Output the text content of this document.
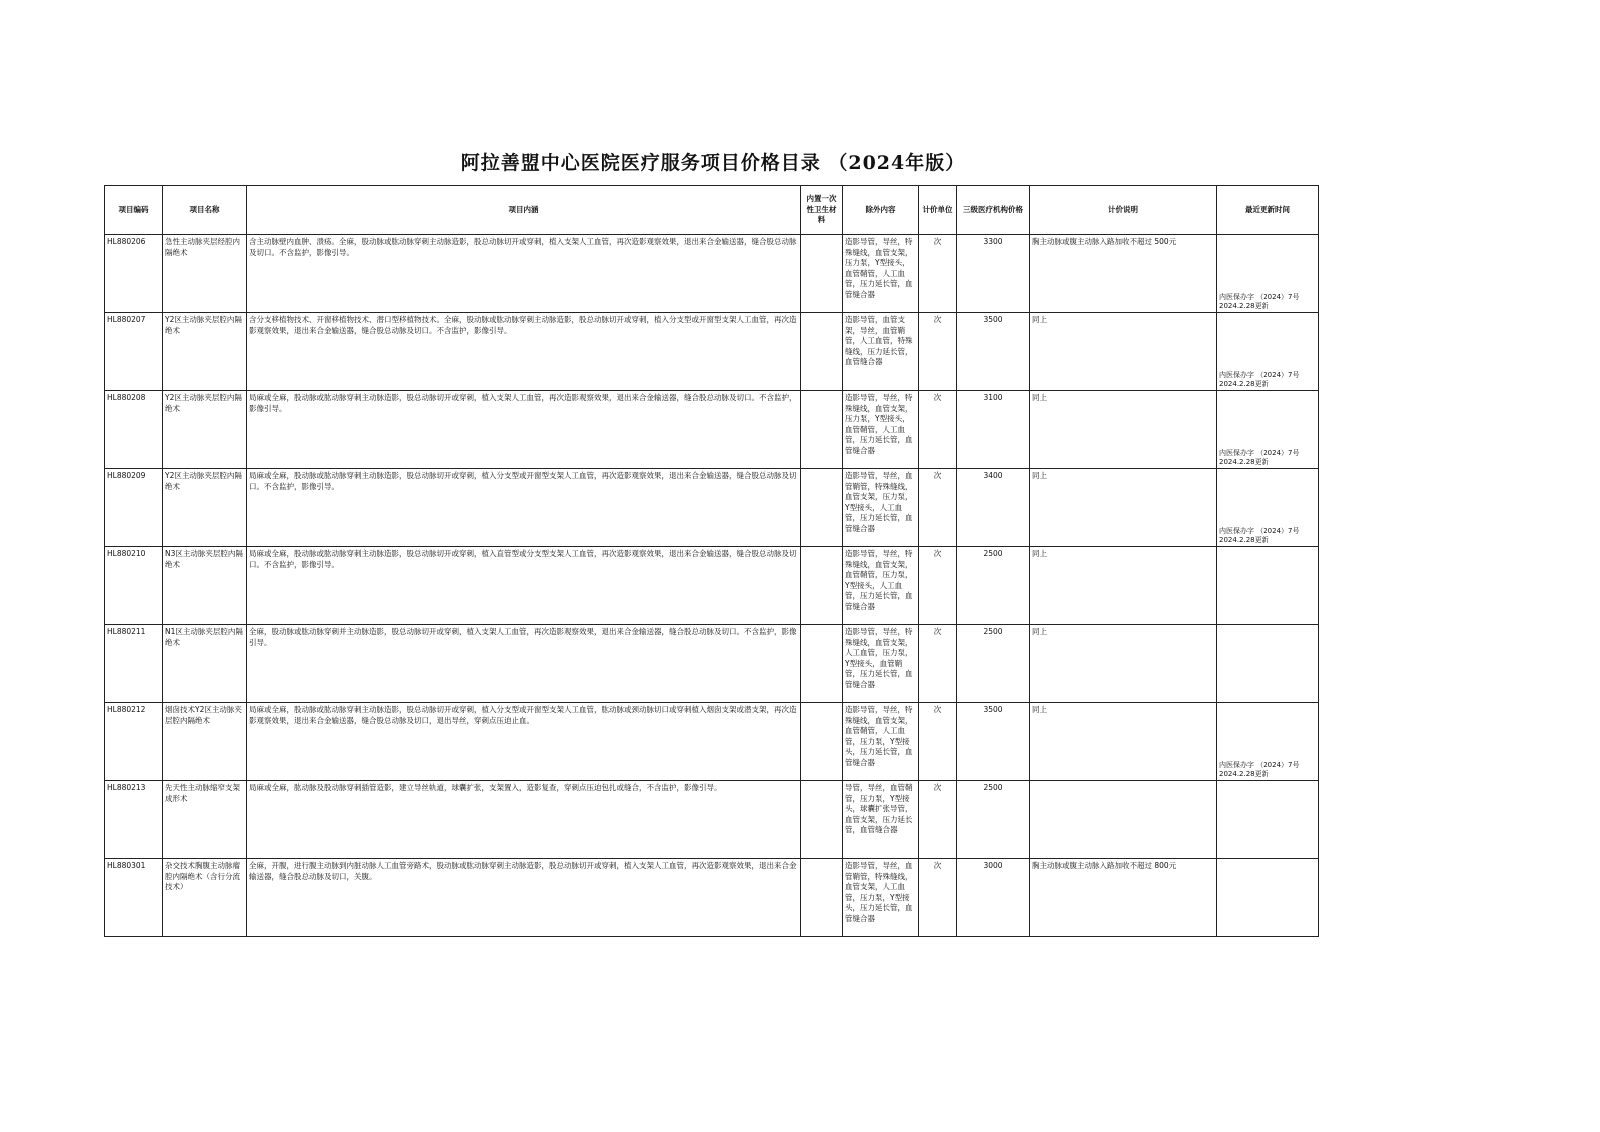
阿拉善盟中心医院医疗服务项目价格目录 （2024年版）
项目编码	项目名称	项目内涵	内置一次性卫生材料	除外内容	计价单位	三级医疗机构价格	计价说明	最近更新时间
HL880206	急性主动脉夹层经腔内隔绝术	含主动脉壁内血肿、溃疡。全麻，股动脉或肱动脉穿刺主动脉造影，股总动脉切开或穿刺，植入支架人工血管，再次造影观察效果，退出来合金输送器，缝合股总动脉及切口。不含监护，影像引导。		造影导管，导丝，特殊缝线，血管支架，压力泵，Y型接头，血管鞘管，人工血管，压力延长管，血管缝合器	次	3300	胸主动脉或腹主动脉入路加收不超过 500元	内医保办字 （2024）7号 2024.2.28更新

HL880207	Y2区主动脉夹层腔内隔绝术	含分支移植物技术、开窗移植物技术、潜口型移植物技术。全麻，股动脉或肱动脉穿刺主动脉造影，股总动脉切开或穿刺，植入分支型或开窗型支架人工血管，再次造影观察效果，退出来合金输送器，缝合股总动脉及切口。不含监护，影像引导。		造影导管，血管支架，导丝，血管鞘管，人工血管，特殊缝线，压力延长管，血管缝合器	次	3500	同上	内医保办字 （2024）7号 2024.2.28更新

HL880208	Y2区主动脉夹层腔内隔绝术	局麻或全麻，股动脉或肱动脉穿刺主动脉造影，股总动脉切开或穿刺，植入支架人工血管，再次造影观察效果，退出来合金输送器，缝合股总动脉及切口。不含监护，影像引导。		造影导管，导丝，特殊缝线，血管支架，压力泵，Y型接头，血管鞘管，人工血管，压力延长管，血管缝合器	次	3100	同上	内医保办字 （2024）7号 2024.2.28更新

HL880209	Y2区主动脉夹层腔内隔绝术	局麻或全麻，股动脉或肱动脉穿刺主动脉造影，股总动脉切开或穿刺，植入分支型或开窗型支架人工血管，再次造影观察效果，退出来合金输送器，缝合股总动脉及切口。不含监护，影像引导。		造影导管，导丝，血管鞘管，特殊缝线，血管支架，压力泵，Y型接头，人工血管，压力延长管，血管缝合器	次	3400	同上	内医保办字 （2024）7号 2024.2.28更新

HL880210	N3区主动脉夹层腔内隔绝术	局麻或全麻，股动脉或肱动脉穿刺主动脉造影，股总动脉切开或穿刺，植入直管型或分支型支架人工血管，再次造影观察效果，退出来合金输送器，缝合股总动脉及切口。不含监护，影像引导。		造影导管，导丝，特殊缝线，血管支架，血管鞘管，压力泵，Y型接头，人工血管，压力延长管，血管缝合器	次	2500	同上	

HL880211	N1区主动脉夹层腔内隔绝术	全麻，股动脉或肱动脉穿刺并主动脉造影，股总动脉切开或穿刺，植入支架人工血管，再次造影观察效果，退出来合金输送器，缝合股总动脉及切口。不含监护，影像引导。		造影导管，导丝，特殊缝线，血管支架，人工血管，压力泵，Y型接头，血管鞘管，压力延长管，血管缝合器	次	2500	同上	

HL880212	烟囱技术Y2区主动脉夹层腔内隔绝术	局麻或全麻，股动脉或肱动脉穿刺主动脉造影，股总动脉切开或穿刺，植入分支型或开窗型支架人工血管，肱动脉或颈动脉切口或穿刺植入烟囱支架或潜支架，再次造影观察效果，退出来合金输送器，缝合股总动脉及切口，退出导丝，穿刺点压迫止血。		造影导管，导丝，特殊缝线，血管支架，血管鞘管，人工血管，压力泵，Y型接头，压力延长管，血管缝合器	次	3500	同上	内医保办字 （2024）7号 2024.2.28更新

HL880213	先天性主动脉缩窄支架成形术	局麻或全麻，肱动脉及股动脉穿刺插管造影，建立导丝轨道，球囊扩张，支架置入，造影复查，穿刺点压迫包扎或缝合，不含监护，影像引导。		导管，导丝，血管鞘管，压力泵，Y型接头，球囊扩张导管，血管支架，压力延长管，血管缝合器	次	2500		

HL880301	杂交技术胸腹主动脉瘤腔内隔绝术（含行分流技术）	全麻，开腹，进行腹主动脉到内脏动脉人工血管旁路术，股动脉或肱动脉穿刺主动脉造影，股总动脉切开或穿刺，植入支架人工血管，再次造影观察效果，退出来合金输送器，缝合股总动脉及切口，关腹。		造影导管，导丝，血管鞘管，特殊缝线，血管支架，人工血管，压力泵，Y型接头，压力延长管，血管缝合器	次	3000	胸主动脉或腹主动脉入路加收不超过 800元	
